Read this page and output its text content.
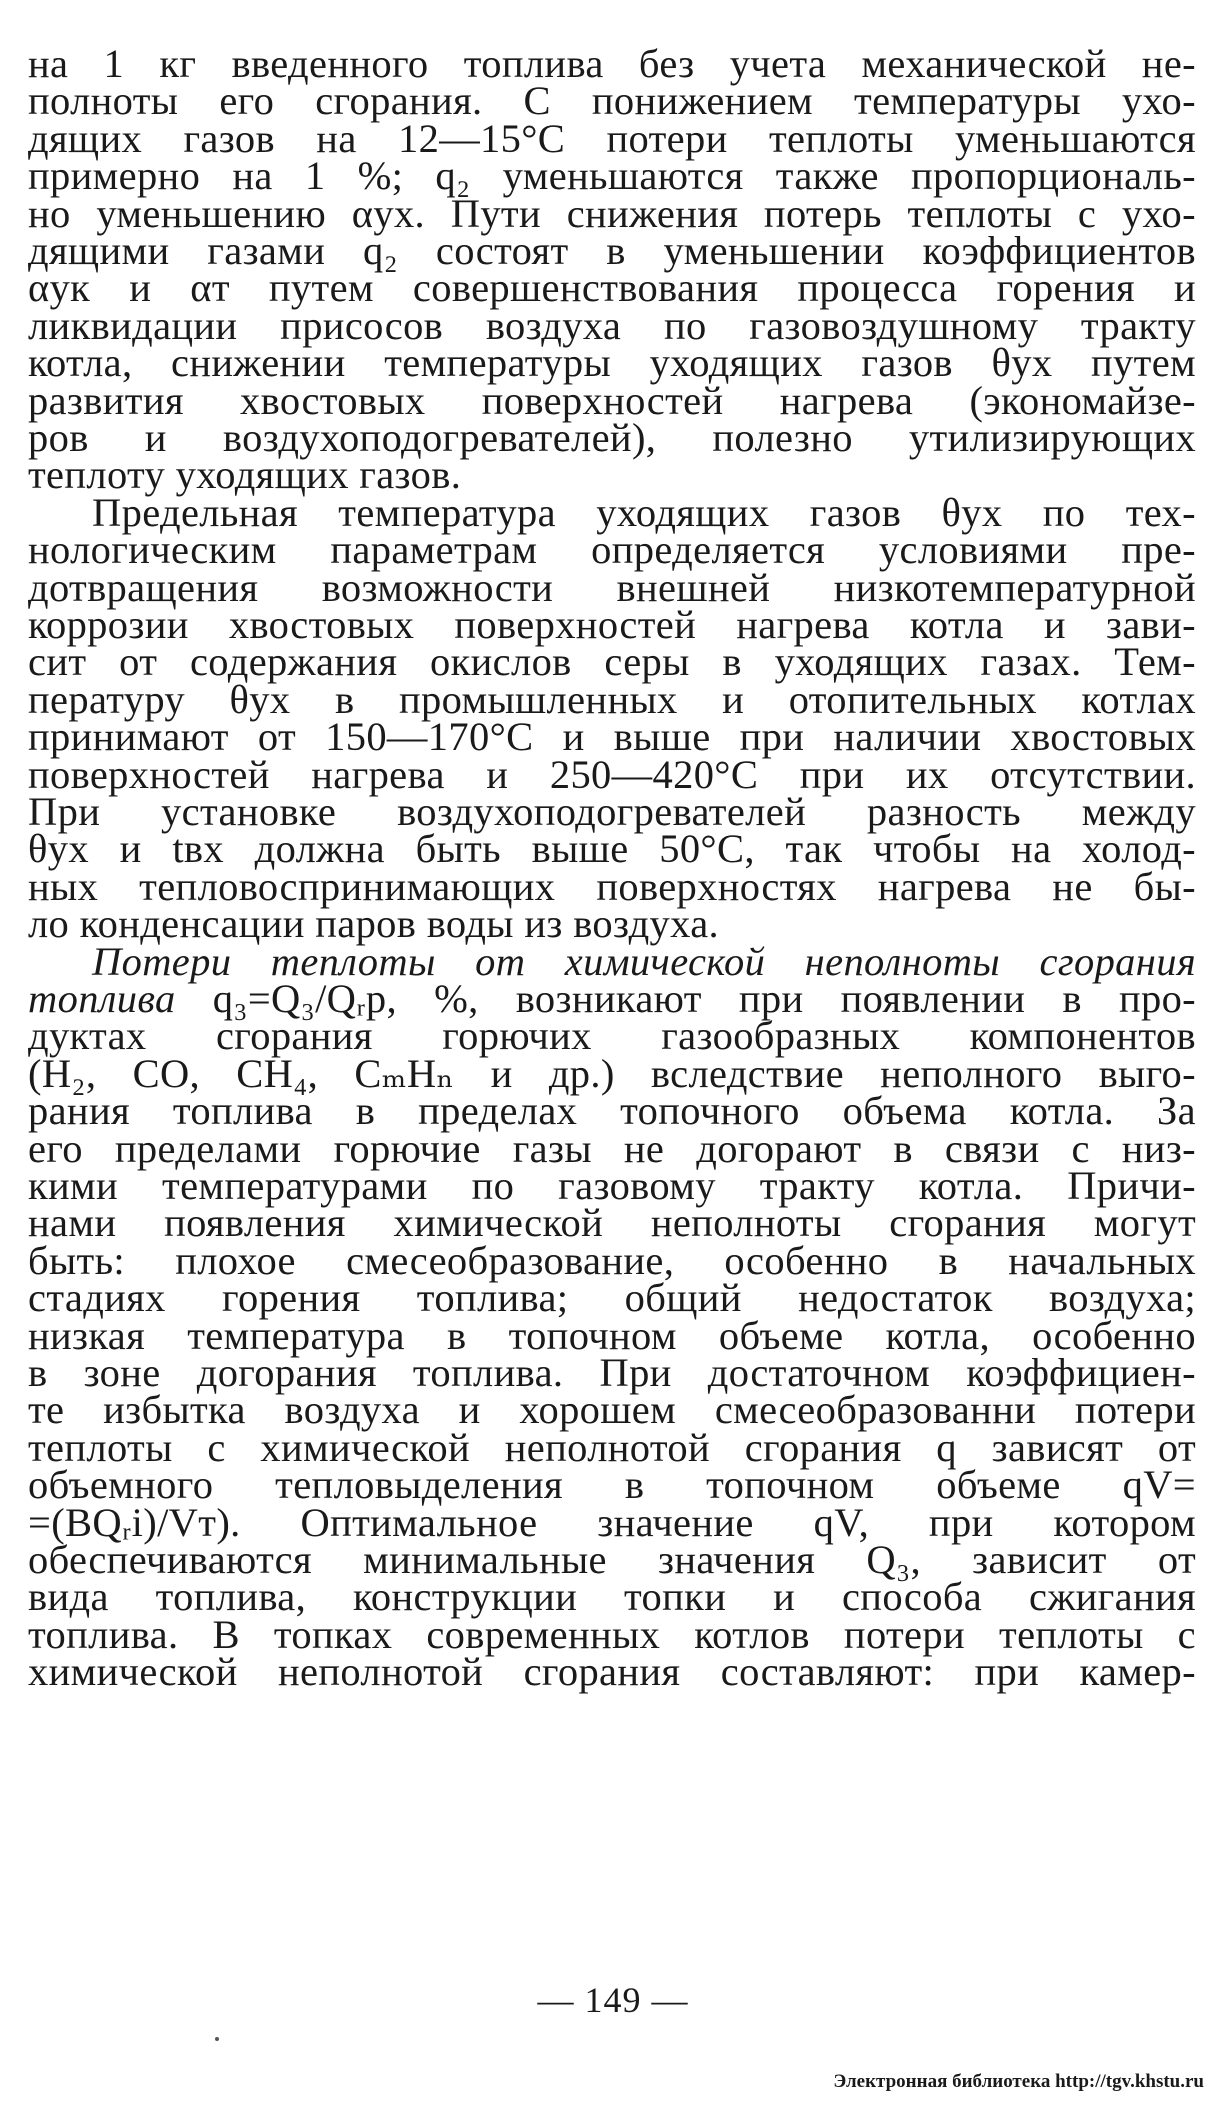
на 1 кг введенного топлива без учета механической не-
полноты его сгорания. С понижением температуры ухо-
дящих газов на 12—15°С потери теплоты уменьшаются
примерно на 1 %; q₂ уменьшаются также пропорциональ-
но уменьшению αух. Пути снижения потерь теплоты с ухо-
дящими газами q₂ состоят в уменьшении коэффициентов
αук и αт путем совершенствования процесса горения и
ликвидации присосов воздуха по газовоздушному тракту
котла, снижении температуры уходящих газов θух путем
развития хвостовых поверхностей нагрева (экономайзе-
ров и воздухоподогревателей), полезно утилизирующих
теплоту уходящих газов.
Предельная температура уходящих газов θух по тех-
нологическим параметрам определяется условиями пре-
дотвращения возможности внешней низкотемпературной
коррозии хвостовых поверхностей нагрева котла и зави-
сит от содержания окислов серы в уходящих газах. Тем-
пературу θух в промышленных и отопительных котлах
принимают от 150—170°С и выше при наличии хвостовых
поверхностей нагрева и 250—420°С при их отсутствии.
При установке воздухоподогревателей разность между
θух и tвх должна быть выше 50°С, так чтобы на холод-
ных тепловоспринимающих поверхностях нагрева не бы-
ло конденсации паров воды из воздуха.
Потери теплоты от химической неполноты сгорания
топлива q₃=Q₃/Qᵣр, %, возникают при появлении в про-
дуктах сгорания горючих газообразных компонентов
(H₂, CO, CH₄, CₘHₙ и др.) вследствие неполного выго-
рания топлива в пределах топочного объема котла. За
его пределами горючие газы не догорают в связи с низ-
кими температурами по газовому тракту котла. Причи-
нами появления химической неполноты сгорания могут
быть: плохое смесеобразование, особенно в начальных
стадиях горения топлива; общий недостаток воздуха;
низкая температура в топочном объеме котла, особенно
в зоне догорания топлива. При достаточном коэффициен-
те избытка воздуха и хорошем смесеобразованни потери
теплоты с химической неполнотой сгорания q зависят от
объемного тепловыделения в топочном объеме qV=
=(BQᵣi)/Vт). Оптимальное значение qV, при котором
обеспечиваются минимальные значения Q₃, зависит от
вида топлива, конструкции топки и способа сжигания
топлива. В топках современных котлов потери теплоты с
химической неполнотой сгорания составляют: при камер-
— 149 —
Электронная библиотека http://tgv.khstu.ru
